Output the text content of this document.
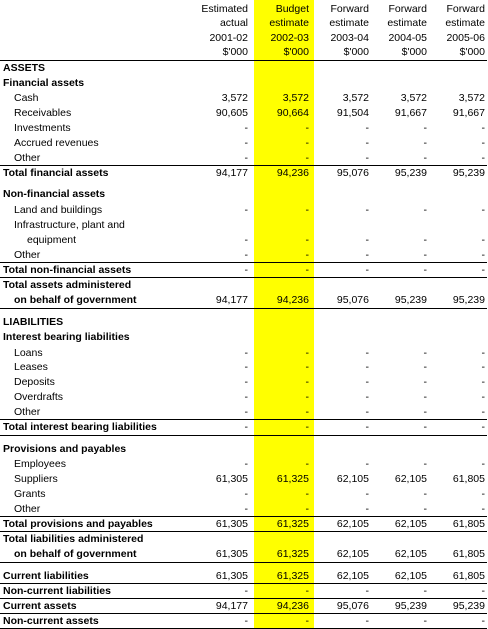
Estimated	Budget Forward Forward Forward
actual estimate estimate estimate estimate
2001-02 2002-03 2003-04 2004-05 2005-06
$'000	$'000	$'000	$'000	$'000
ASSETS
Financial assets
Cash	3,572	3,572	3,572	3,572	3,572
Receivables	90,605	90,664	91,504 91,667 91,667
Investments	-	-	-	-	-
Accrued revenues	-	-	-	-	-
Other	-	-	-	-	-
Total financial assets	94,177	94,236	95,076 95,239 95,239
Non-financial assets
Land and buildings	-	-	-	-	-
Infrastructure, plant and
equipment	-	-	-	-	-
Other	-	-	-	-	-
Total non-financial assets	-	-	-	-	-
Total assets administered
on behalf of government	94,177	94,236	95,076 95,239 95,239
LIABILITIES
Interest bearing liabilities
Loans	-	-	-	-	-
Leases	-	-	-	-	-
Deposits	-	-	-	-	-
Overdrafts	-	-	-	-	-
Other	-	-	-	-	-
Total interest bearing liabilities	-	-	-	-	-
Provisions and payables
Employees	-	-	-	-	-
Suppliers	61,305	61,325	62,105 62,105 61,805
Grants	-	-	-	-	-
Other	-	-	-	-	-
Total provisions and payables	61,305	61,325	62,105 62,105 61,805
Total liabilities administered
on behalf of government	61,305	61,325	62,105 62,105 61,805
Current liabilities	61,305	61,325	62,105 62,105 61,805
Non-current liabilities	-	-	-	-	-
Current assets	94,177	94,236	95,076 95,239 95,239
Non-current assets	-	-	-	-	-
